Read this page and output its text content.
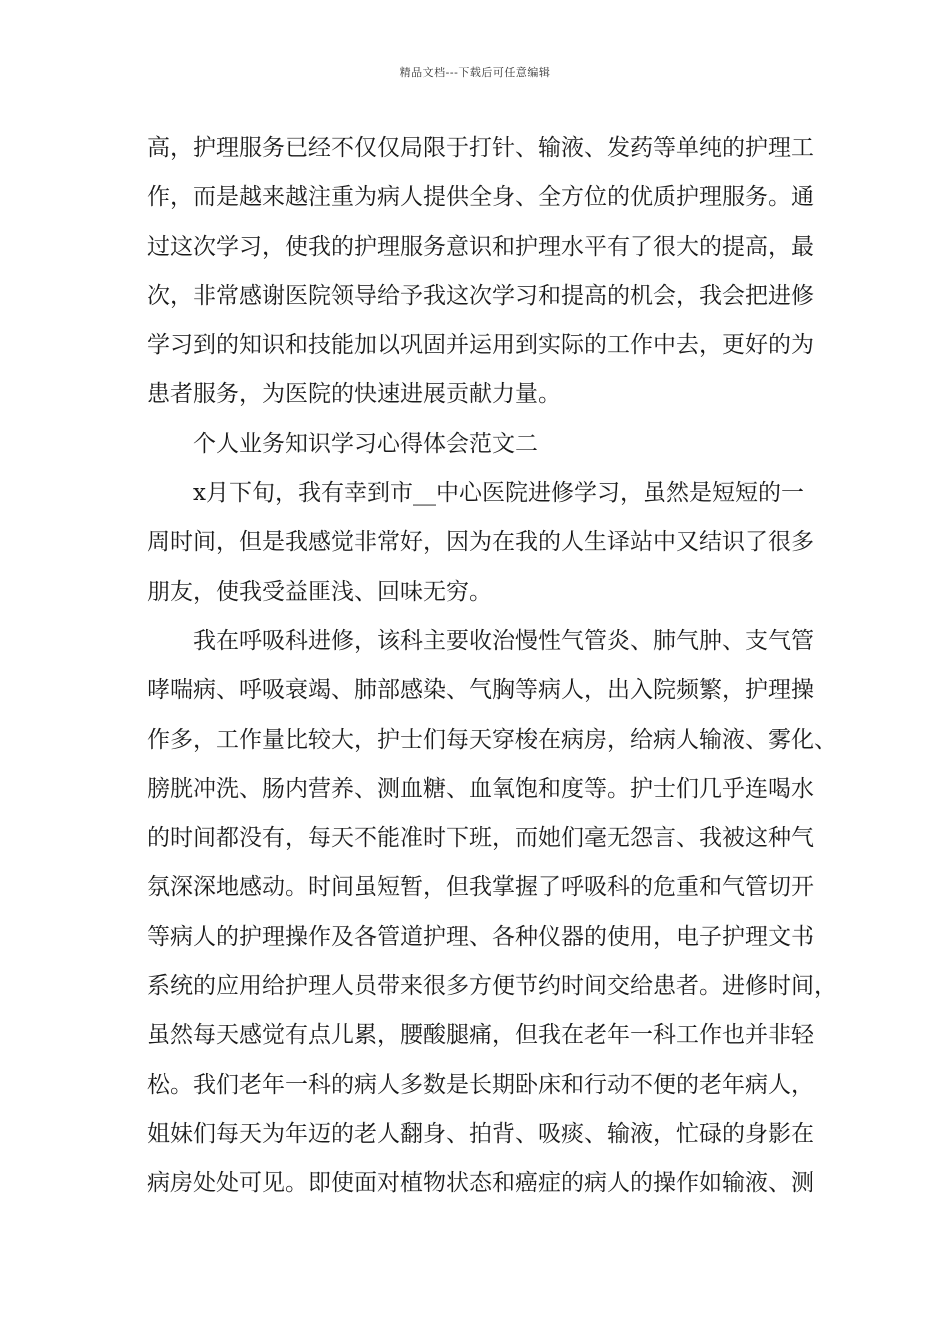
精品文档---下载后可任意编辑
高，护理服务已经不仅仅局限于打针、输液、发药等单纯的护理工
作，而是越来越注重为病人提供全身、全方位的优质护理服务。通
过这次学习，使我的护理服务意识和护理水平有了很大的提高，最
次，非常感谢医院领导给予我这次学习和提高的机会，我会把进修
学习到的知识和技能加以巩固并运用到实际的工作中去，更好的为
患者服务，为医院的快速进展贡献力量。
个人业务知识学习心得体会范文二
x月下旬，我有幸到市__中心医院进修学习，虽然是短短的一
周时间，但是我感觉非常好，因为在我的人生译站中又结识了很多
朋友，使我受益匪浅、回味无穷。
我在呼吸科进修，该科主要收治慢性气管炎、肺气肿、支气管
哮喘病、呼吸衰竭、肺部感染、气胸等病人，出入院频繁，护理操
作多，工作量比较大，护士们每天穿梭在病房，给病人输液、雾化、
膀胱冲洗、肠内营养、测血糖、血氧饱和度等。护士们几乎连喝水
的时间都没有，每天不能准时下班，而她们毫无怨言、我被这种气
氛深深地感动。时间虽短暂，但我掌握了呼吸科的危重和气管切开
等病人的护理操作及各管道护理、各种仪器的使用，电子护理文书
系统的应用给护理人员带来很多方便节约时间交给患者。进修时间，
虽然每天感觉有点儿累，腰酸腿痛，但我在老年一科工作也并非轻
松。我们老年一科的病人多数是长期卧床和行动不便的老年病人，
姐妹们每天为年迈的老人翻身、拍背、吸痰、输液，忙碌的身影在
病房处处可见。即使面对植物状态和癌症的病人的操作如输液、测
